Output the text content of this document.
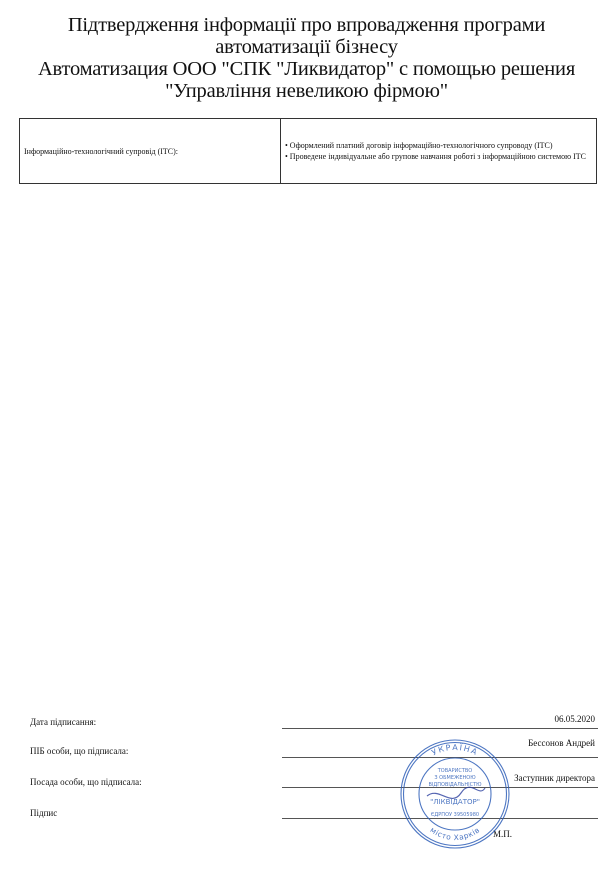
Підтвердження інформації про впровадження програми
автоматизації бізнесу
Автоматизация ООО "СПК "Ликвидатор" с помощью решения
"Управління невеликою фірмою"
Інформаційно-технологічний супровід (ІТС):	
• Оформлений платний договір інформаційно-технологічного супроводу (ІТС)
• Проведене індивідуальне або групове навчання роботі з інформаційною системою ІТС
Дата підписання:	06.05.2020
ПІБ особи, що підписала:
Бессонов Андрей
Посада особи, що підписала:	Заступник директора
Підпис
М.П.
УКРАЇНА
місто Харків
ТОВАРИСТВО
З ОБМЕЖЕНОЮ
ВІДПОВІДАЛЬНІСТЮ
"ЛІКВІДАТОР"
ЄДРПОУ 39505980
